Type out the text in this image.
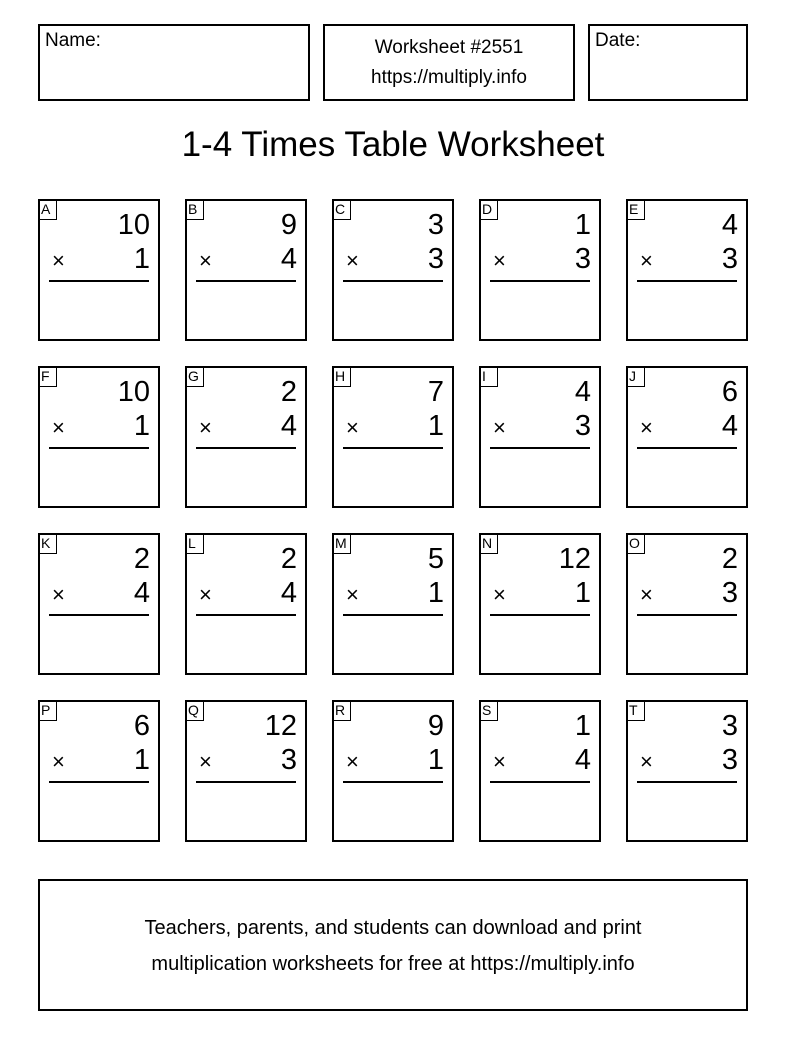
Name:	Worksheet #2551
https://multiply.info
Date:
1-4 Times Table Worksheet
A 10
× 1
B	9
× 4
C	3
× 3
D	1
× 3
E	4
× 3
F 10
× 1
G	2
× 4
H	7
× 1
I	4
× 3
J	6
× 4
K	2
× 4
L	2
× 4
M	5
× 1
N 12
× 1
O	2
× 3
P	6
× 1
Q 12
× 3
R	9
× 1
S	1
× 4
T	3
× 3
Teachers, parents, and students can download and print
multiplication worksheets for free at https://multiply.info
